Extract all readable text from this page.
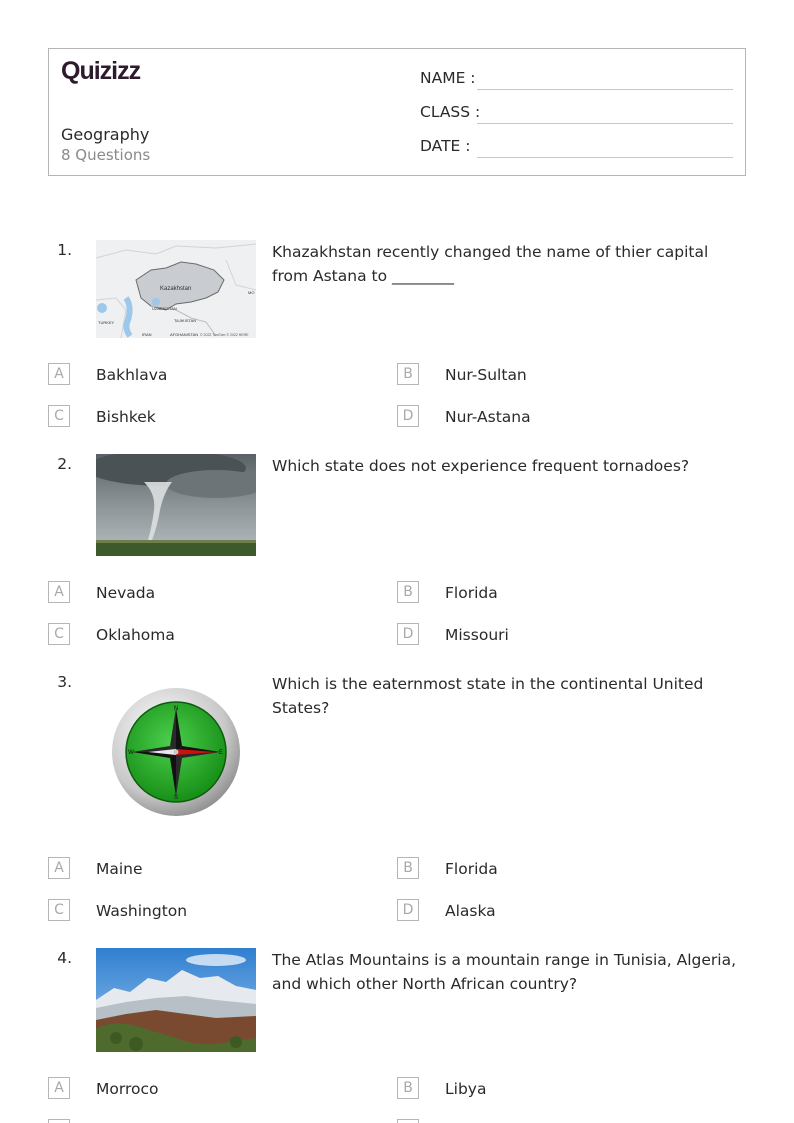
Quizizz
Geography
8 Questions
NAME :
CLASS :
DATE :
1.
Kazakhstan
UZBEKISTAN
TAJIKISTAN
TURKEY
IRAN	AFGHANISTAN
MO
© 2022 TomTom © 2022 HERE
Khazakhstan recently changed the name of thier capital from Astana to ________
A	Bakhlava	B	Nur-Sultan
C	Bishkek	D	Nur-Astana
2.	Which state does not experience frequent tornadoes?
A	Nevada	B	Florida
C	Oklahoma	D	Missouri
3.
N
E
S
W
Which is the eaternmost state in the continental United States?
A	Maine	B	Florida
C	Washington	D	Alaska
4.	The Atlas Mountains is a mountain range in Tunisia, Algeria, and which other North African country?
A	Morroco	B	Libya
